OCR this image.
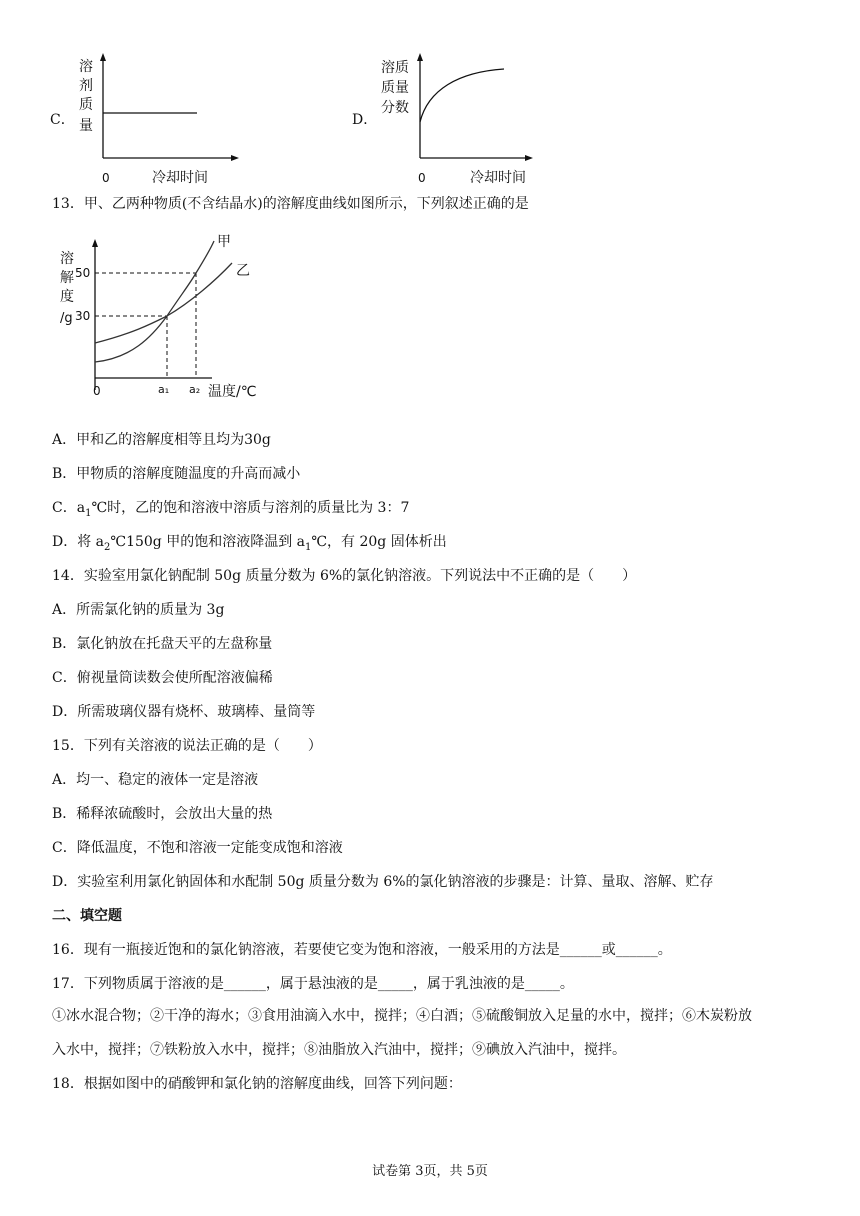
C．
溶
剂
质
量
0	冷却时间
D．
溶质
质量
分数
0	冷却时间
13．甲、乙两种物质(不含结晶水)的溶解度曲线如图所示，下列叙述正确的是
溶
解
度
/g
50
30
0	a₁ a₂ 温度/℃
甲
乙
A．甲和乙的溶解度相等且均为30g
B．甲物质的溶解度随温度的升高而减小
C．$a_1℃$时，乙的饱和溶液中溶质与溶剂的质量比为 3：7
D．将 $a_2℃150g$ 甲的饱和溶液降温到 $a_1℃$，有 20g 固体析出
14．实验室用氯化钠配制 50g 质量分数为 6%的氯化钠溶液。下列说法中不正确的是（　　）
A．所需氯化钠的质量为 3g
B．氯化钠放在托盘天平的左盘称量
C．俯视量筒读数会使所配溶液偏稀
D．所需玻璃仪器有烧杯、玻璃棒、量筒等
15．下列有关溶液的说法正确的是（　　）
A．均一、稳定的液体一定是溶液
B．稀释浓硫酸时，会放出大量的热
C．降低温度，不饱和溶液一定能变成饱和溶液
D．实验室利用氯化钠固体和水配制 50g 质量分数为 6%的氯化钠溶液的步骤是：计算、量取、溶解、贮存
二、填空题
16．现有一瓶接近饱和的氯化钠溶液，若要使它变为饱和溶液，一般采用的方法是______或______。
17．下列物质属于溶液的是______，属于悬浊液的是_____，属于乳浊液的是_____。
①冰水混合物；②干净的海水；③食用油滴入水中，搅拌；④白酒；⑤硫酸铜放入足量的水中，搅拌；⑥木炭粉放
入水中，搅拌；⑦铁粉放入水中，搅拌；⑧油脂放入汽油中，搅拌；⑨碘放入汽油中，搅拌。
18．根据如图中的硝酸钾和氯化钠的溶解度曲线，回答下列问题：
试卷第 3页，共 5页
